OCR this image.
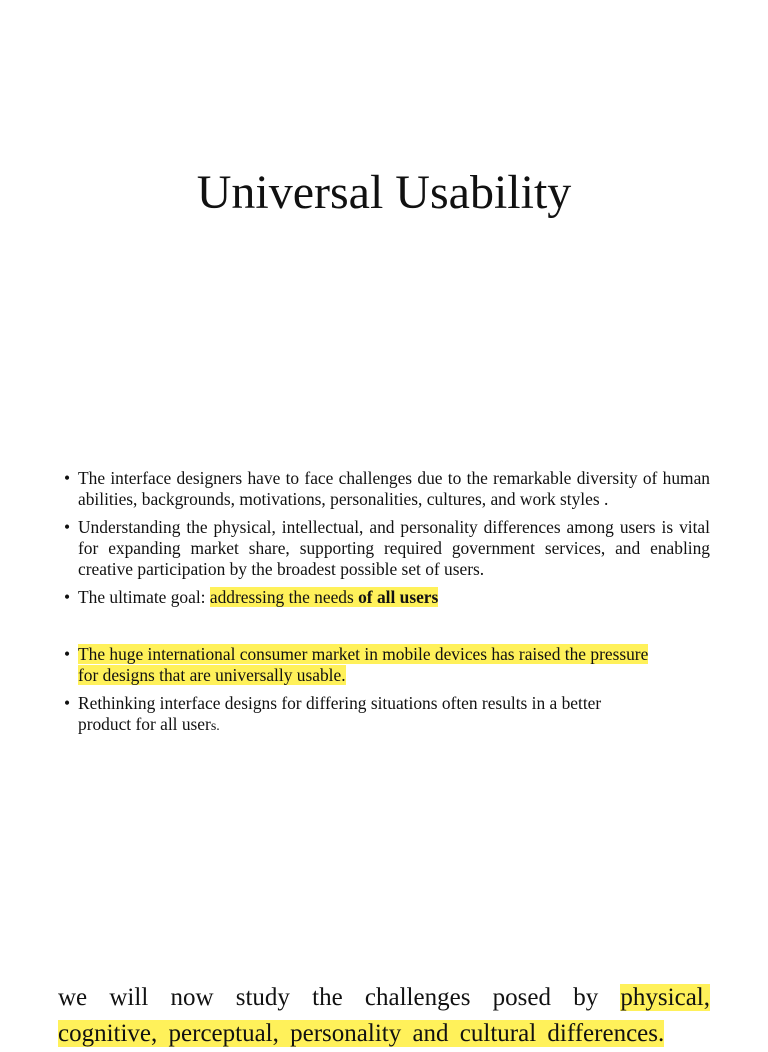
Universal Usability
• The interface designers have to face challenges due to the remarkable diversity of human abilities, backgrounds, motivations, personalities, cultures, and work styles .
• Understanding the physical, intellectual, and personality differences among users is vital for expanding market share, supporting required government services, and enabling creative participation by the broadest possible set of users.
• The ultimate goal: addressing the needs of all users
• The huge international consumer market in mobile devices has raised the pressure
for designs that are universally usable.
• Rethinking interface designs for differing situations often results in a better
product for all users.

we will now study the challenges posed by physical, cognitive, perceptual, personality and cultural differences.
